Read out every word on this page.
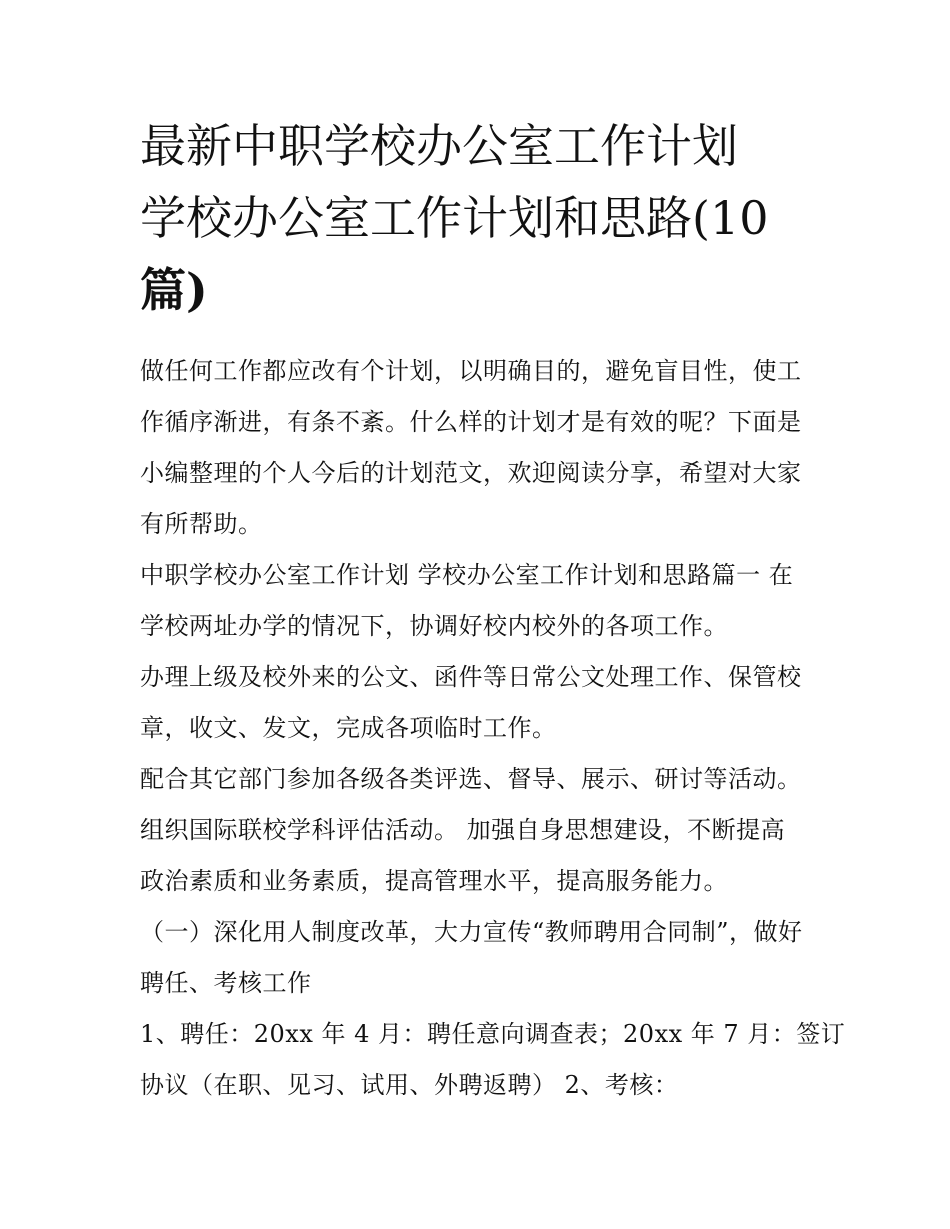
最新中职学校办公室工作计划
学校办公室工作计划和思路(10
篇)

做任何工作都应改有个计划，以明确目的，避免盲目性，使工
作循序渐进，有条不紊。什么样的计划才是有效的呢？下面是
小编整理的个人今后的计划范文，欢迎阅读分享，希望对大家
有所帮助。

中职学校办公室工作计划 学校办公室工作计划和思路篇一 在
学校两址办学的情况下，协调好校内校外的各项工作。

办理上级及校外来的公文、函件等日常公文处理工作、保管校
章，收文、发文，完成各项临时工作。

配合其它部门参加各级各类评选、督导、展示、研讨等活动。
组织国际联校学科评估活动。 加强自身思想建设，不断提高
政治素质和业务素质，提高管理水平，提高服务能力。

（一）深化用人制度改革，大力宣传“教师聘用合同制”，做好
聘任、考核工作

1、聘任：20xx 年 4 月：聘任意向调查表；20xx 年 7 月：签订
协议（在职、见习、试用、外聘返聘） 2、考核：
